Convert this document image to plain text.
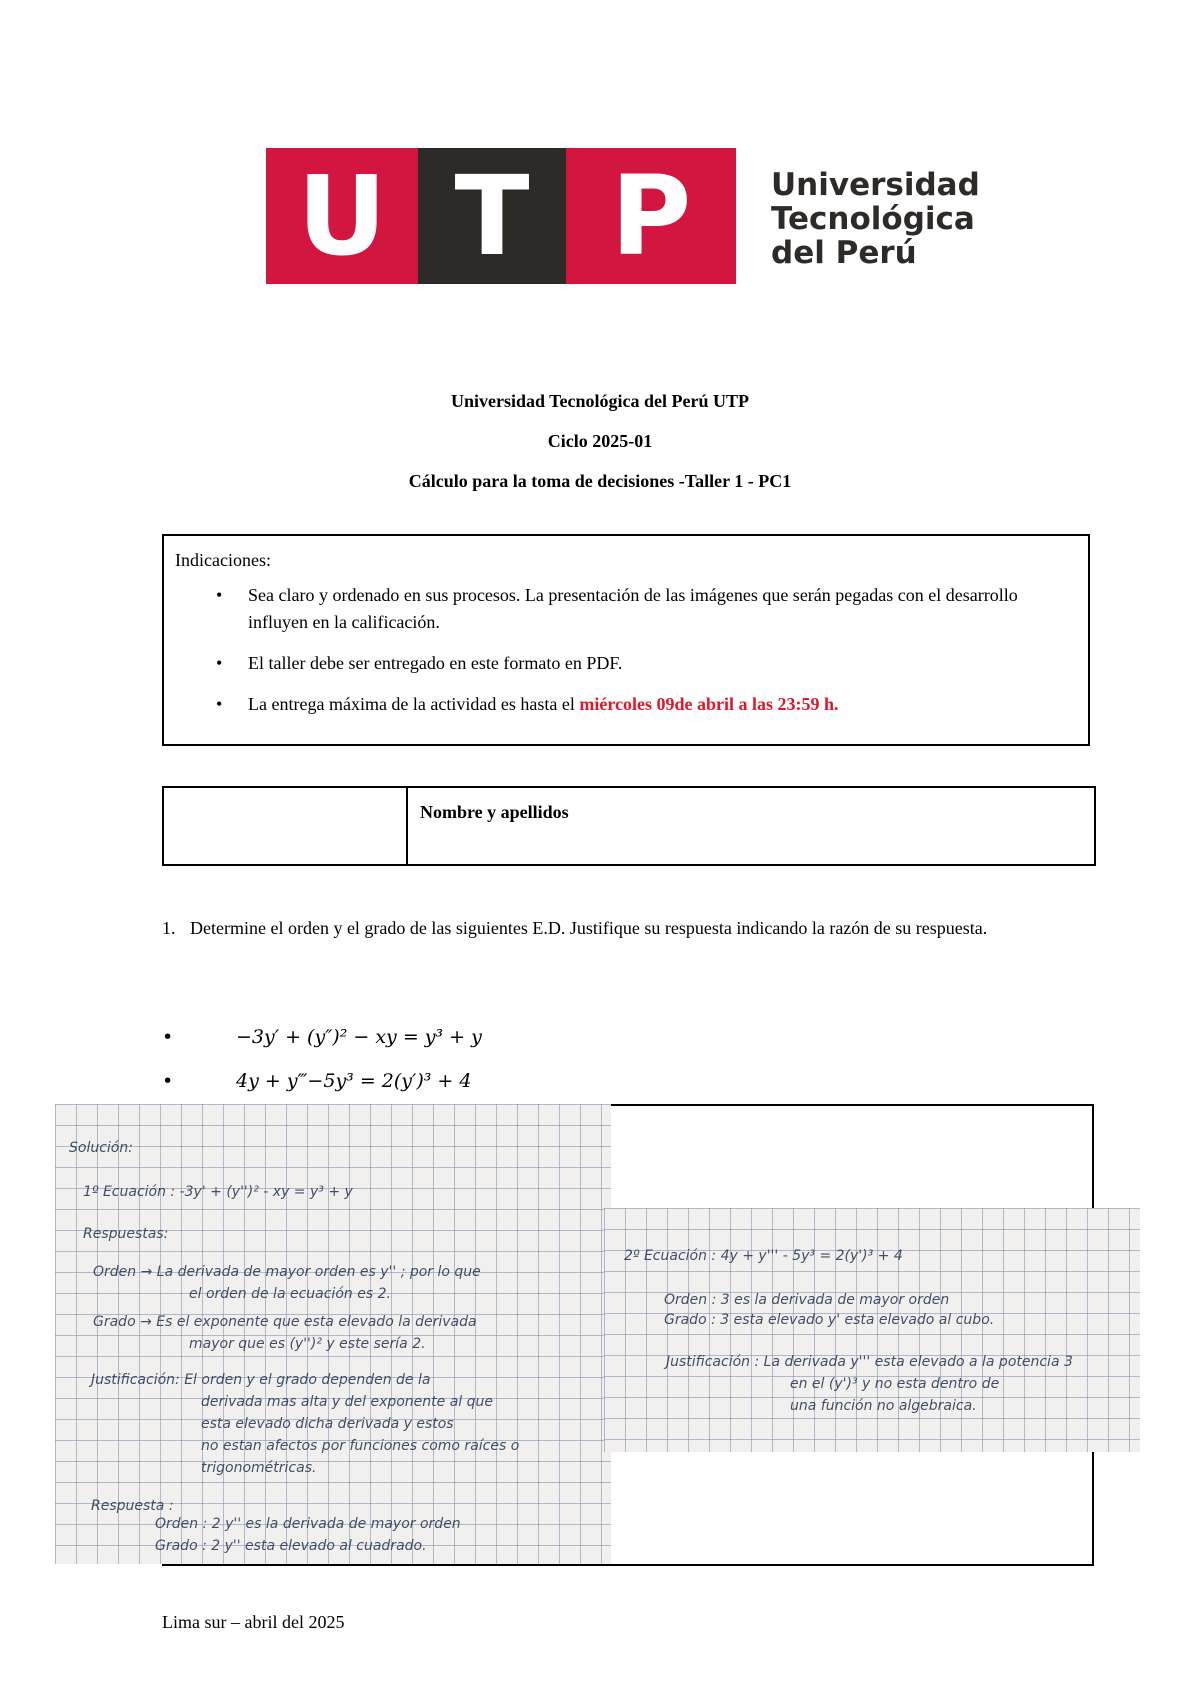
U T P	Universidad
Tecnológica
del Perú
Universidad Tecnológica del Perú UTP
Ciclo 2025-01
Cálculo para la toma de decisiones -Taller 1 - PC1
Indicaciones:
• Sea claro y ordenado en sus procesos. La presentación de las imágenes que serán pegadas con el desarrollo influyen en la calificación.
• El taller debe ser entregado en este formato en PDF.
• La entrega máxima de la actividad es hasta el miércoles 09de abril a las 23:59 h.
Nombre y apellidos
1. Determine el orden y el grado de las siguientes E.D. Justifique su respuesta indicando la razón de su respuesta.
•	−3y′ + (y″)² − xy = y³ + y
•	4y + y‴−5y³ = 2(y′)³ + 4
Solución:
1º Ecuación : -3y' + (y'')² - xy = y³ + y
Respuestas:
Orden → La derivada de mayor orden es y'' ; por lo que
el orden de la ecuación es 2.
Grado → Es el exponente que esta elevado la derivada
mayor que es (y'')² y este sería 2.
Justificación: El orden y el grado dependen de la
derivada mas alta y del exponente al que
esta elevado dicha derivada y estos
no estan afectos por funciones como raíces o
trigonométricas.
Respuesta :
Orden : 2 y'' es la derivada de mayor orden
Grado : 2 y'' esta elevado al cuadrado.
2º Ecuación : 4y + y''' - 5y³ = 2(y')³ + 4
Orden : 3 es la derivada de mayor orden
Grado : 3 esta elevado y' esta elevado al cubo.
Justificación : La derivada y''' esta elevado a la potencia 3
en el (y')³ y no esta dentro de
una función no algebraica.
Lima sur – abril del 2025
